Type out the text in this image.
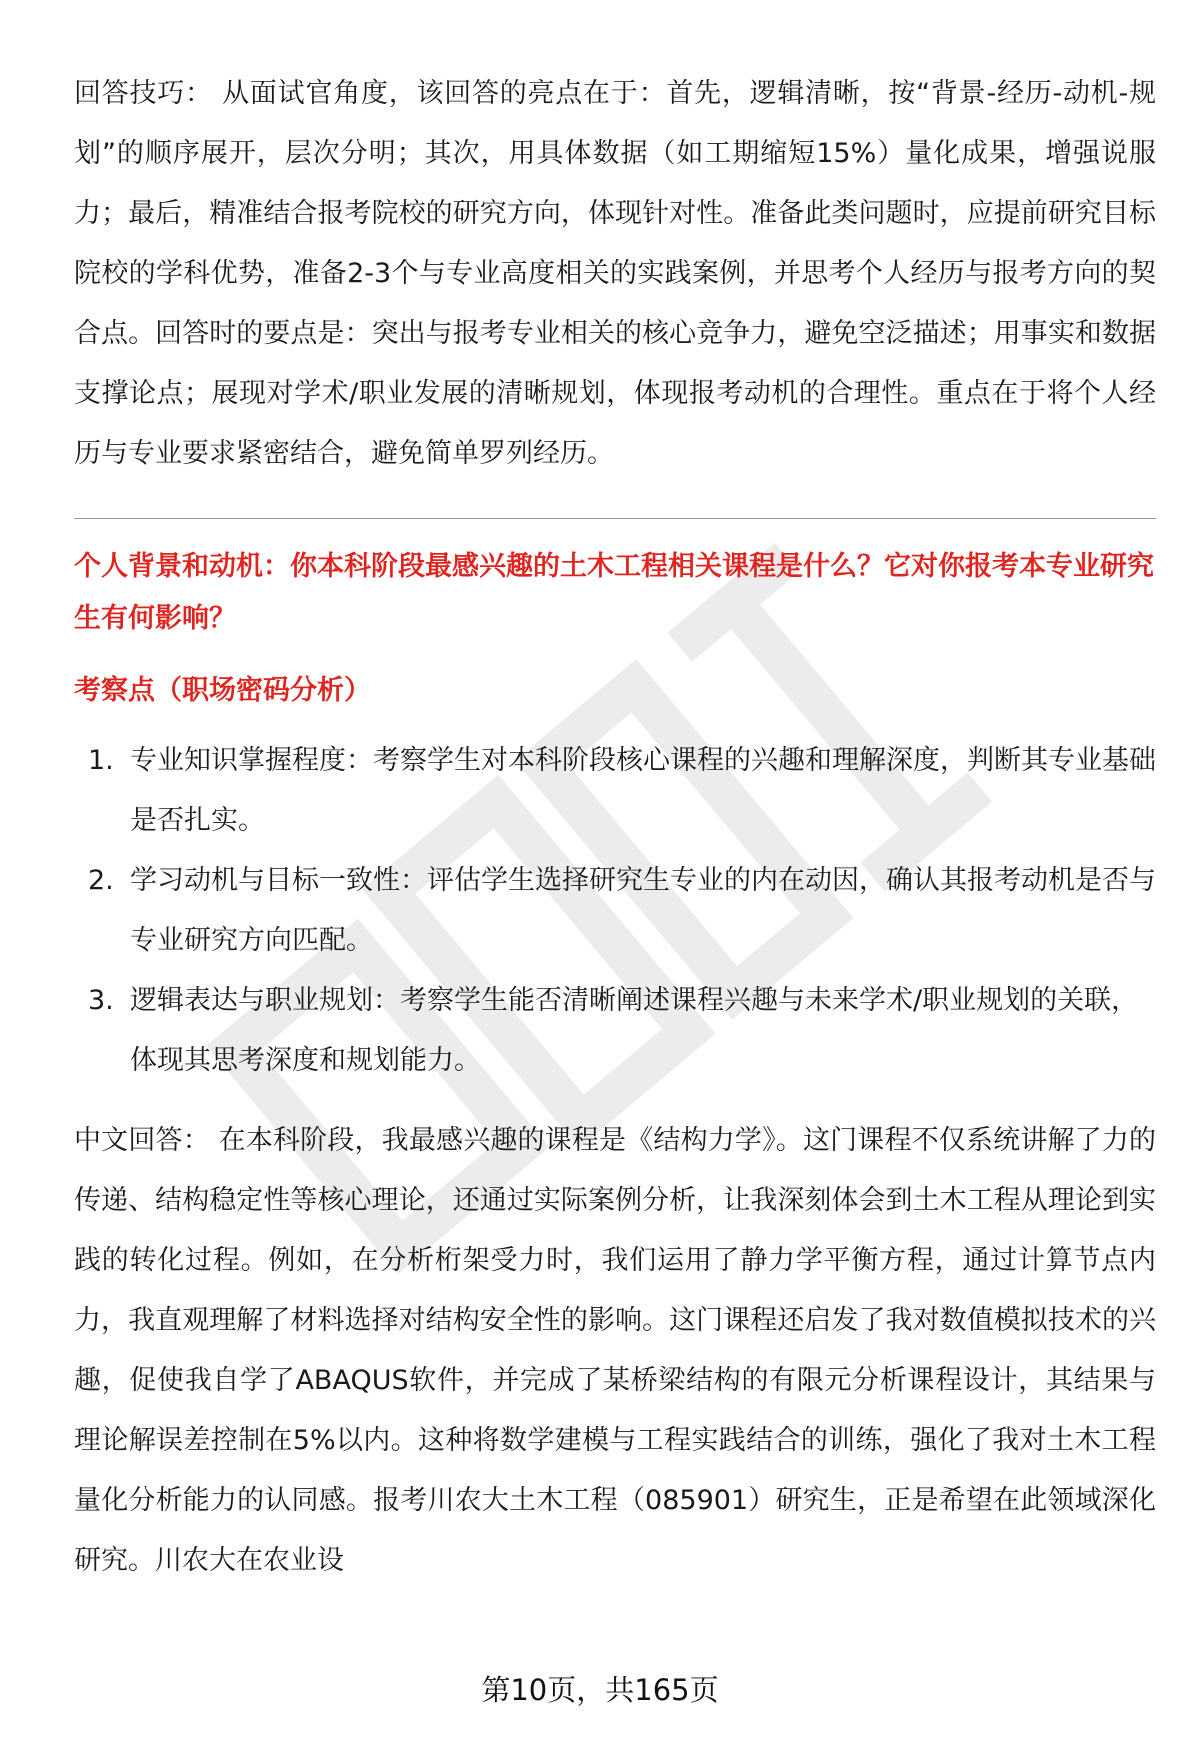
回答技巧： 从面试官角度，该回答的亮点在于：首先，逻辑清晰，按“背景-经历-动机-规划”的顺序展开，层次分明；其次，用具体数据（如工期缩短15%）量化成果，增强说服力；最后，精准结合报考院校的研究方向，体现针对性。准备此类问题时，应提前研究目标院校的学科优势，准备2-3个与专业高度相关的实践案例，并思考个人经历与报考方向的契合点。回答时的要点是：突出与报考专业相关的核心竞争力，避免空泛描述；用事实和数据支撑论点；展现对学术/职业发展的清晰规划，体现报考动机的合理性。重点在于将个人经历与专业要求紧密结合，避免简单罗列经历。

个人背景和动机：你本科阶段最感兴趣的土木工程相关课程是什么？它对你报考本专业研究生有何影响？

考察点（职场密码分析）

1. 专业知识掌握程度：考察学生对本科阶段核心课程的兴趣和理解深度，判断其专业基础是否扎实。
2. 学习动机与目标一致性：评估学生选择研究生专业的内在动因，确认其报考动机是否与专业研究方向匹配。
3. 逻辑表达与职业规划：考察学生能否清晰阐述课程兴趣与未来学术/职业规划的关联，体现其思考深度和规划能力。

中文回答： 在本科阶段，我最感兴趣的课程是《结构力学》。这门课程不仅系统讲解了力的传递、结构稳定性等核心理论，还通过实际案例分析，让我深刻体会到土木工程从理论到实践的转化过程。例如，在分析桁架受力时，我们运用了静力学平衡方程，通过计算节点内力，我直观理解了材料选择对结构安全性的影响。这门课程还启发了我对数值模拟技术的兴趣，促使我自学了ABAQUS软件，并完成了某桥梁结构的有限元分析课程设计，其结果与理论解误差控制在5%以内。这种将数学建模与工程实践结合的训练，强化了我对土木工程量化分析能力的认同感。报考川农大土木工程（085901）研究生，正是希望在此领域深化研究。川农大在农业设

第10页，共165页
